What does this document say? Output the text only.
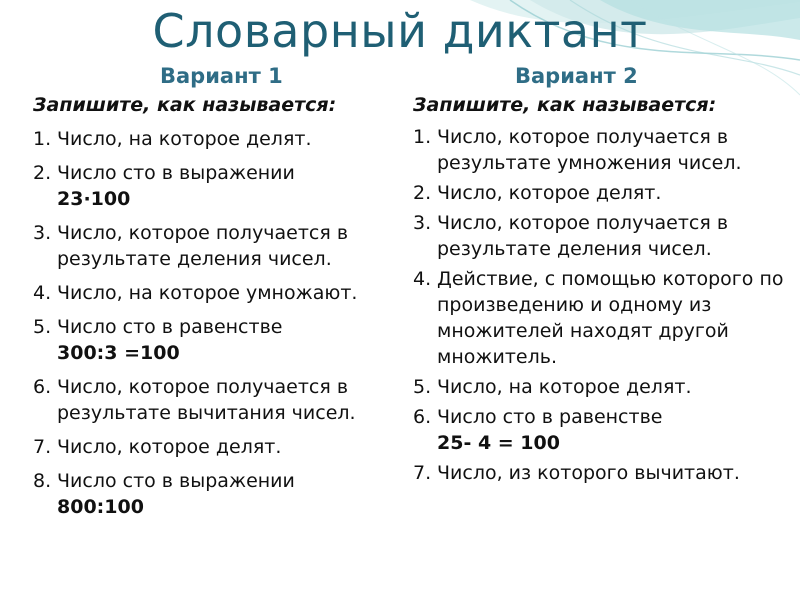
Словарный диктант
Вариант 1	Вариант 2
Запишите, как называется:
1. Число, на которое делят.
2. Число сто в выражении
23·100
3. Число, которое получается в результате деления чисел.
4. Число, на которое умножают.
5. Число сто в равенстве
300:3 =100
6. Число, которое получается в результате вычитания чисел.
7. Число, которое делят.
8. Число сто в выражении
800:100
Запишите, как называется:
1. Число, которое получается в результате умножения чисел.
2. Число, которое делят.
3. Число, которое получается в результате деления чисел.
4. Действие, с помощью которого по произведению и одному из множителей находят другой множитель.
5. Число, на которое делят.
6. Число сто в равенстве
25- 4 = 100
7. Число, из которого вычитают.
